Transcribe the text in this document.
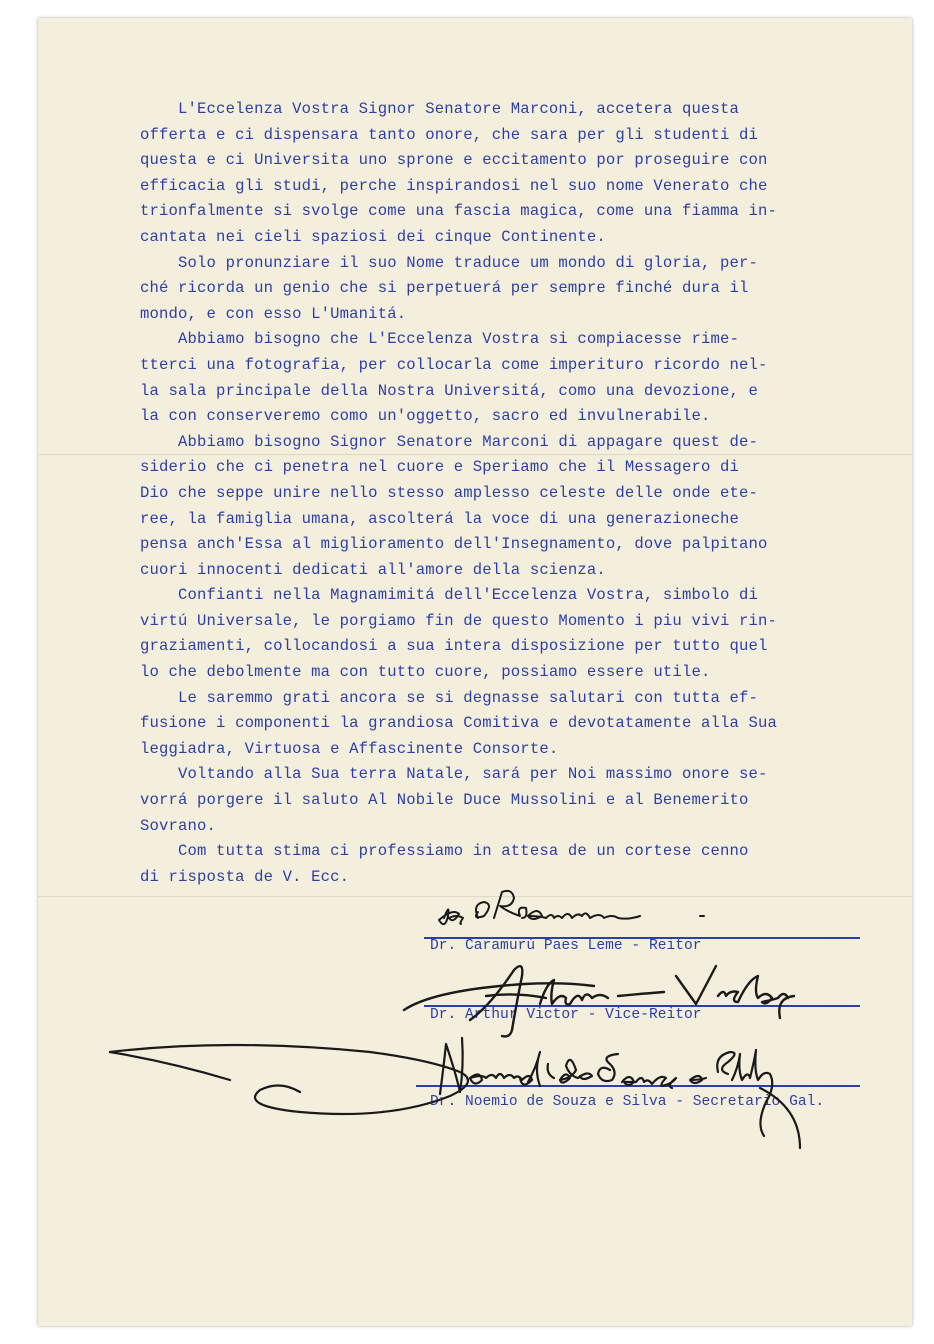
L'Eccelenza Vostra Signor Senatore Marconi, accetera questa
offerta e ci dispensara tanto onore, che sara per gli studenti di
questa e ci Universita uno sprone e eccitamento por proseguire con
efficacia gli studi, perche inspirandosi nel suo nome Venerato che
trionfalmente si svolge come una fascia magica, come una fiamma in-
cantata nei cieli spaziosi dei cinque Continente.
Solo pronunziare il suo Nome traduce um mondo di gloria, per-
ché ricorda un genio che si perpetuerá per sempre finché dura il
mondo, e con esso L'Umanitá.
Abbiamo bisogno che L'Eccelenza Vostra si compiacesse rime-
tterci una fotografia, per collocarla come imperituro ricordo nel-
la sala principale della Nostra Universitá, como una devozione, e
la con conserveremo como un'oggetto, sacro ed invulnerabile.
Abbiamo bisogno Signor Senatore Marconi di appagare quest de-
siderio che ci penetra nel cuore e Speriamo che il Messagero di
Dio che seppe unire nello stesso amplesso celeste delle onde ete-
ree, la famiglia umana, ascolterá la voce di una generazioneche
pensa anch'Essa al miglioramento dell'Insegnamento, dove palpitano
cuori innocenti dedicati all'amore della scienza.
Confianti nella Magnamimitá dell'Eccelenza Vostra, simbolo di
virtú Universale, le porgiamo fin de questo Momento i piu vivi rin-
graziamenti, collocandosi a sua intera disposizione per tutto quel
lo che debolmente ma con tutto cuore, possiamo essere utile.
Le saremmo grati ancora se si degnasse salutari con tutta ef-
fusione i componenti la grandiosa Comitiva e devotatamente alla Sua
leggiadra, Virtuosa e Affascinente Consorte.
Voltando alla Sua terra Natale, sará per Noi massimo onore se-
vorrá porgere il saluto Al Nobile Duce Mussolini e al Benemerito
Sovrano.
Com tutta stima ci professiamo in attesa de un cortese cenno
di risposta de V. Ecc.
Dr. Caramurú Paes Leme - Reitor
Dr. Arthur Victor - Vice-Reitor
Dr. Noemio de Souza e Silva - Secretario Gal.
